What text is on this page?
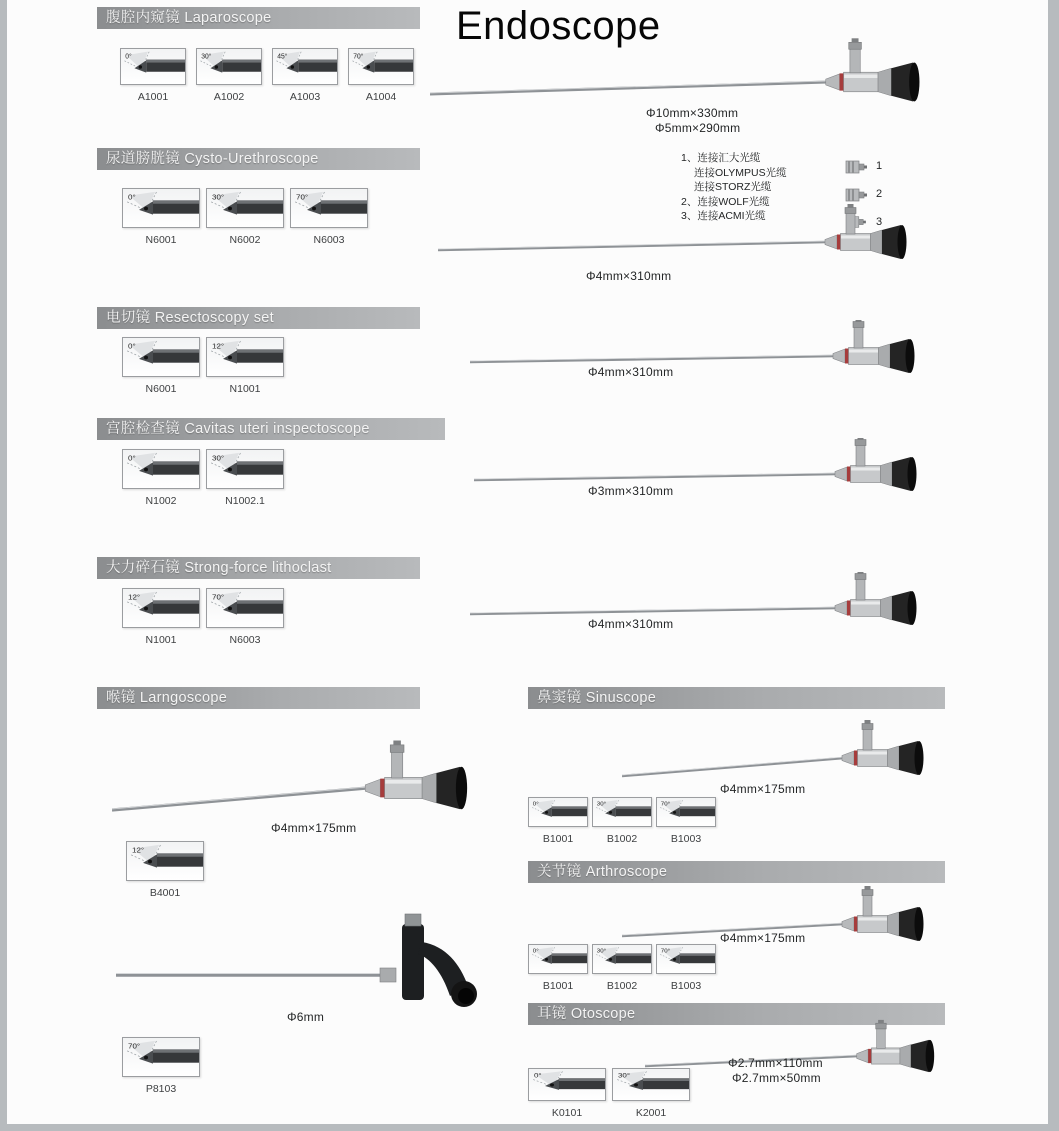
Endoscope
腹腔内窥镜 Laparoscope
0°
A1001
30°
A1002
45°
A1003
70°
A1004
Φ10mm×330mm
Φ5mm×290mm
尿道膀胱镜 Cysto-Urethroscope
0°
N6001
30°
N6002
70°
N6003
1、连接汇大光缆
连接OLYMPUS光缆
连接STORZ光缆
2、连接WOLF光缆
3、连接ACMI光缆
1
2
3
Φ4mm×310mm
电切镜 Resectoscopy set
0°
N6001
12°
N1001
Φ4mm×310mm
宫腔检查镜 Cavitas uteri inspectoscope
0°
N1002
30°
N1002.1
Φ3mm×310mm
大力碎石镜 Strong-force lithoclast
12°
N1001
70°
N6003
Φ4mm×310mm
喉镜 Larngoscope
Φ4mm×175mm
12°
B4001
Φ6mm
70°
P8103
鼻窦镜 Sinuscope
Φ4mm×175mm
0°
B1001
30°
B1002
70°
B1003
关节镜 Arthroscope
Φ4mm×175mm
0°
B1001
30°
B1002
70°
B1003
耳镜 Otoscope
Φ2.7mm×110mm
Φ2.7mm×50mm
0°
K0101
30°
K2001
